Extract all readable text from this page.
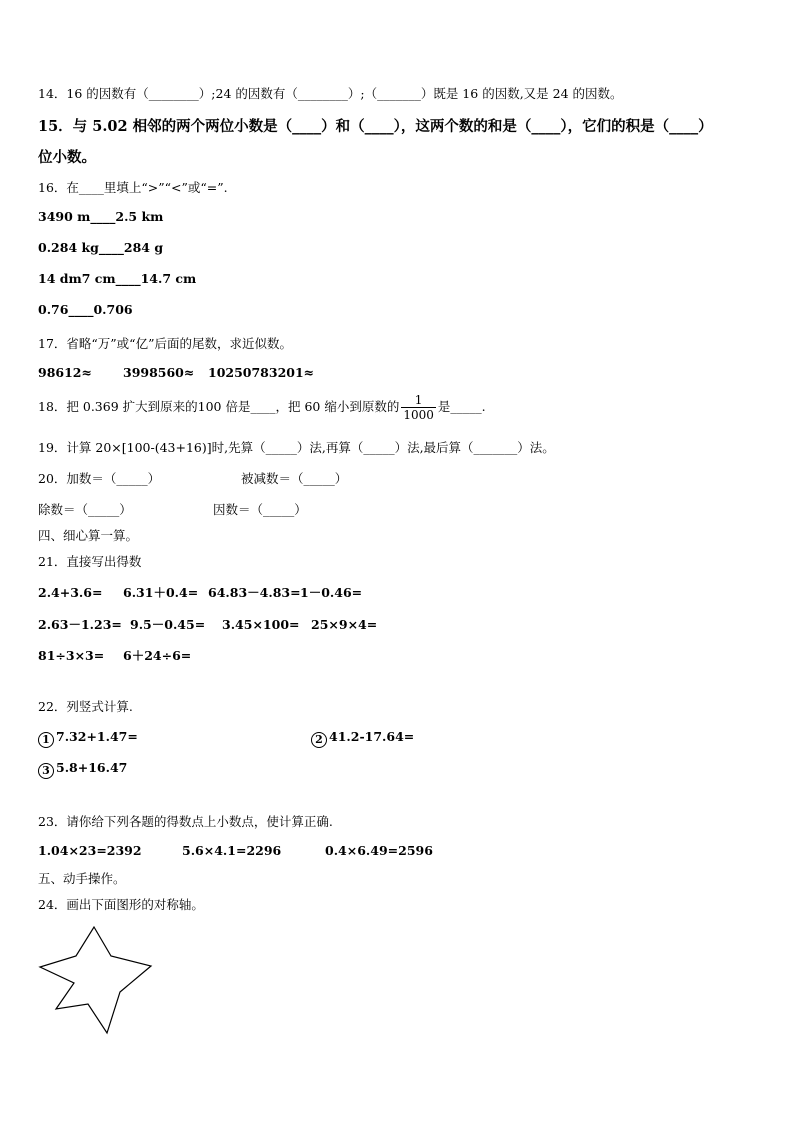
14．16 的因数有（________）;24 的因数有（________）;（_______）既是 16 的因数,又是 24 的因数。
15．与 5.02 相邻的两个两位小数是（____）和（____），这两个数的和是（____），它们的积是（____）
位小数。
16．在____里填上“>”“<”或“=”.
3490 m____2.5 km
0.284 kg____284 g
14 dm7 cm____14.7 cm
0.76____0.706
17．省略“万”或“亿”后面的尾数，求近似数。
98612≈ 3998560≈ 10250783201≈
18．把 0.369 扩大到原来的100 倍是____，把 60 缩小到原数的 $\frac{1}{1000}$ 是_____.
19．计算 20×[100-(43+16)]时,先算（_____）法,再算（_____）法,最后算（_______）法。
20．加数＝（_____）	被减数＝（_____）
除数＝（_____）	因数＝（_____）
四、细心算一算。
21．直接写出得数
2.4+3.6= 6.31＋0.4= 64.83－4.83=1－0.46=
2.63－1.23= 9.5－0.45= 3.45×100= 25×9×4=
81÷3×3= 6＋24÷6=
22．列竖式计算.
1 7.32+1.47=	2 41.2-17.64=
3 5.8+16.47
23．请你给下列各题的得数点上小数点，使计算正确.
1.04×23=2392	5.6×4.1=2296	0.4×6.49=2596
五、动手操作。
24．画出下面图形的对称轴。
